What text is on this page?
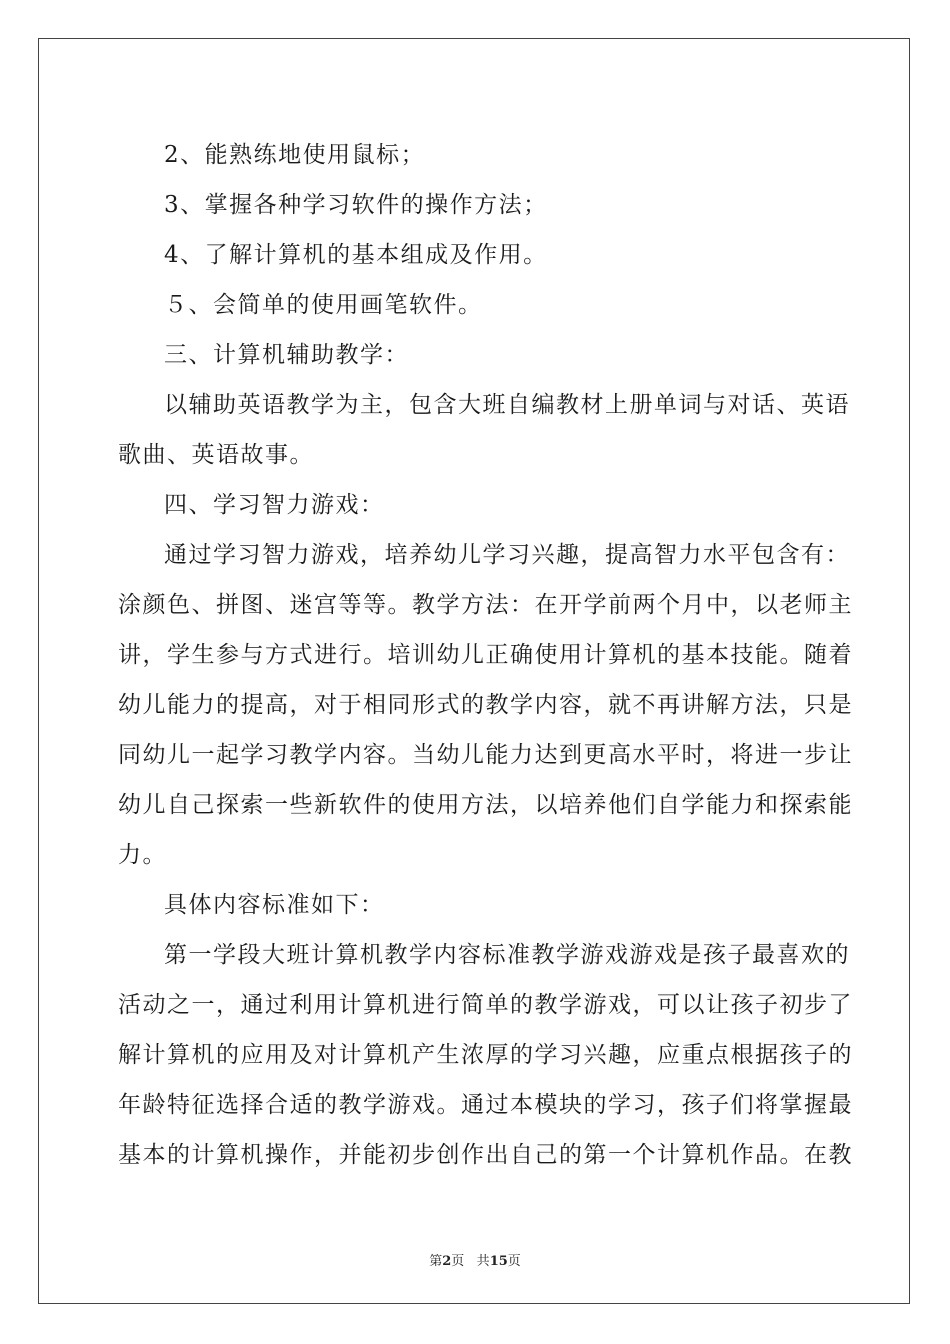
2、能熟练地使用鼠标；

3、掌握各种学习软件的操作方法；

4、了解计算机的基本组成及作用。

５、会简单的使用画笔软件。

三、计算机辅助教学：

以辅助英语教学为主，包含大班自编教材上册单词与对话、英语

歌曲、英语故事。

四、学习智力游戏：

通过学习智力游戏，培养幼儿学习兴趣，提高智力水平包含有：

涂颜色、拼图、迷宫等等。教学方法：在开学前两个月中，以老师主

讲，学生参与方式进行。培训幼儿正确使用计算机的基本技能。随着

幼儿能力的提高，对于相同形式的教学内容，就不再讲解方法，只是

同幼儿一起学习教学内容。当幼儿能力达到更高水平时，将进一步让

幼儿自己探索一些新软件的使用方法，以培养他们自学能力和探索能

力。

具体内容标准如下：

第一学段大班计算机教学内容标准教学游戏游戏是孩子最喜欢的

活动之一，通过利用计算机进行简单的教学游戏，可以让孩子初步了

解计算机的应用及对计算机产生浓厚的学习兴趣，应重点根据孩子的

年龄特征选择合适的教学游戏。通过本模块的学习，孩子们将掌握最

基本的计算机操作，并能初步创作出自己的第一个计算机作品。在教

第2页 共15页
